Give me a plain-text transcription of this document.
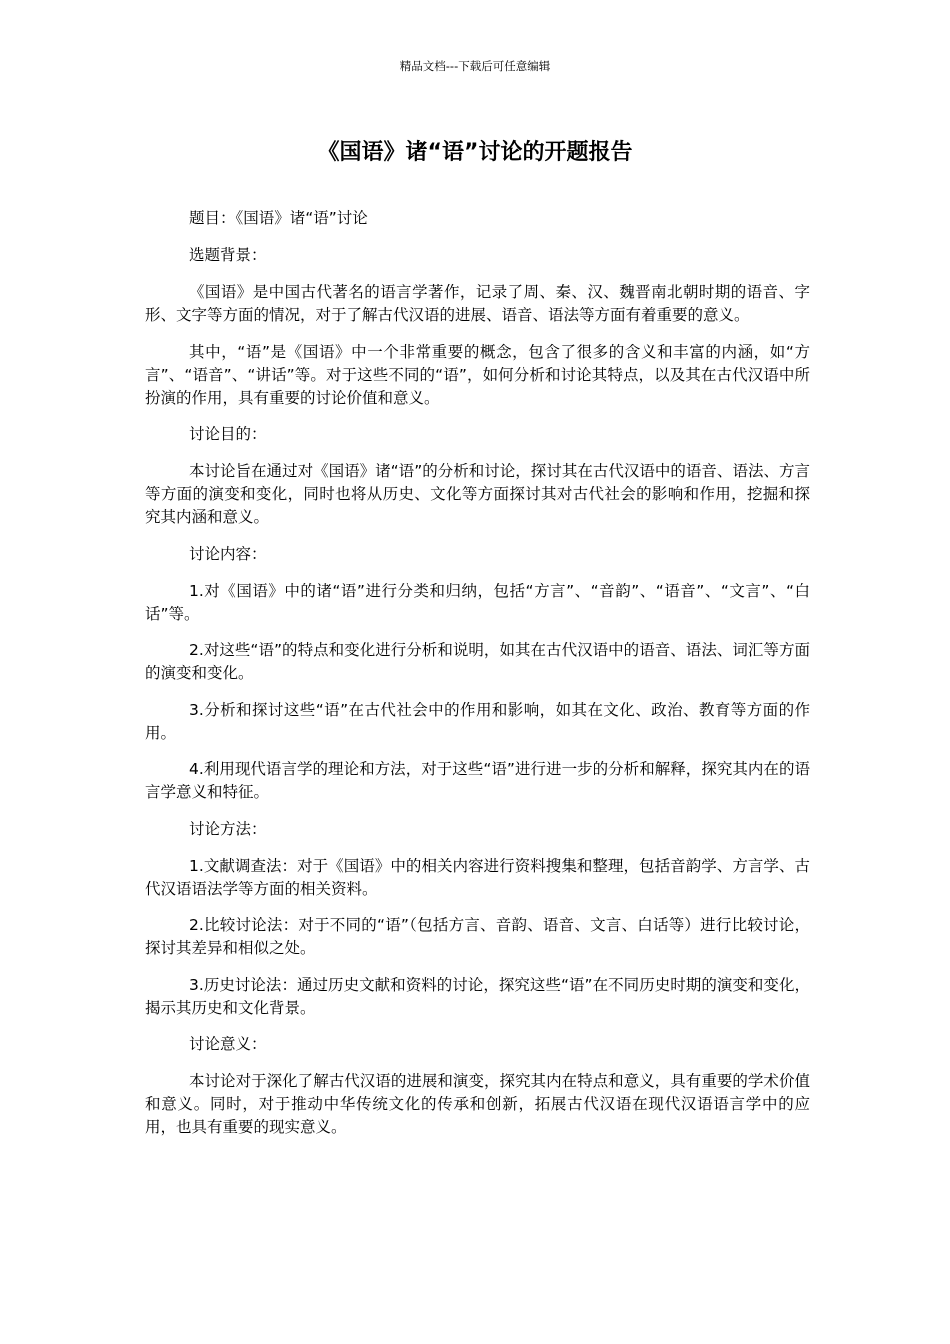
精品文档---下载后可任意编辑
《国语》诸“语”讨论的开题报告

题目：《国语》诸“语”讨论

选题背景：

《国语》是中国古代著名的语言学著作，记录了周、秦、汉、魏晋南北朝时期的语音、字形、文字等方面的情况，对于了解古代汉语的进展、语音、语法等方面有着重要的意义。

其中，“语”是《国语》中一个非常重要的概念，包含了很多的含义和丰富的内涵，如“方言”、“语音”、“讲话”等。对于这些不同的“语”，如何分析和讨论其特点，以及其在古代汉语中所扮演的作用，具有重要的讨论价值和意义。

讨论目的：

本讨论旨在通过对《国语》诸“语”的分析和讨论，探讨其在古代汉语中的语音、语法、方言等方面的演变和变化，同时也将从历史、文化等方面探讨其对古代社会的影响和作用，挖掘和探究其内涵和意义。

讨论内容：

1.对《国语》中的诸“语”进行分类和归纳，包括“方言”、“音韵”、“语音”、“文言”、“白话”等。

2.对这些“语”的特点和变化进行分析和说明，如其在古代汉语中的语音、语法、词汇等方面的演变和变化。

3.分析和探讨这些“语”在古代社会中的作用和影响，如其在文化、政治、教育等方面的作用。

4.利用现代语言学的理论和方法，对于这些“语”进行进一步的分析和解释，探究其内在的语言学意义和特征。

讨论方法：

1.文献调查法：对于《国语》中的相关内容进行资料搜集和整理，包括音韵学、方言学、古代汉语语法学等方面的相关资料。

2.比较讨论法：对于不同的“语”（包括方言、音韵、语音、文言、白话等）进行比较讨论，探讨其差异和相似之处。

3.历史讨论法：通过历史文献和资料的讨论，探究这些“语”在不同历史时期的演变和变化，揭示其历史和文化背景。

讨论意义：

本讨论对于深化了解古代汉语的进展和演变，探究其内在特点和意义，具有重要的学术价值和意义。同时，对于推动中华传统文化的传承和创新，拓展古代汉语在现代汉语语言学中的应用，也具有重要的现实意义。
